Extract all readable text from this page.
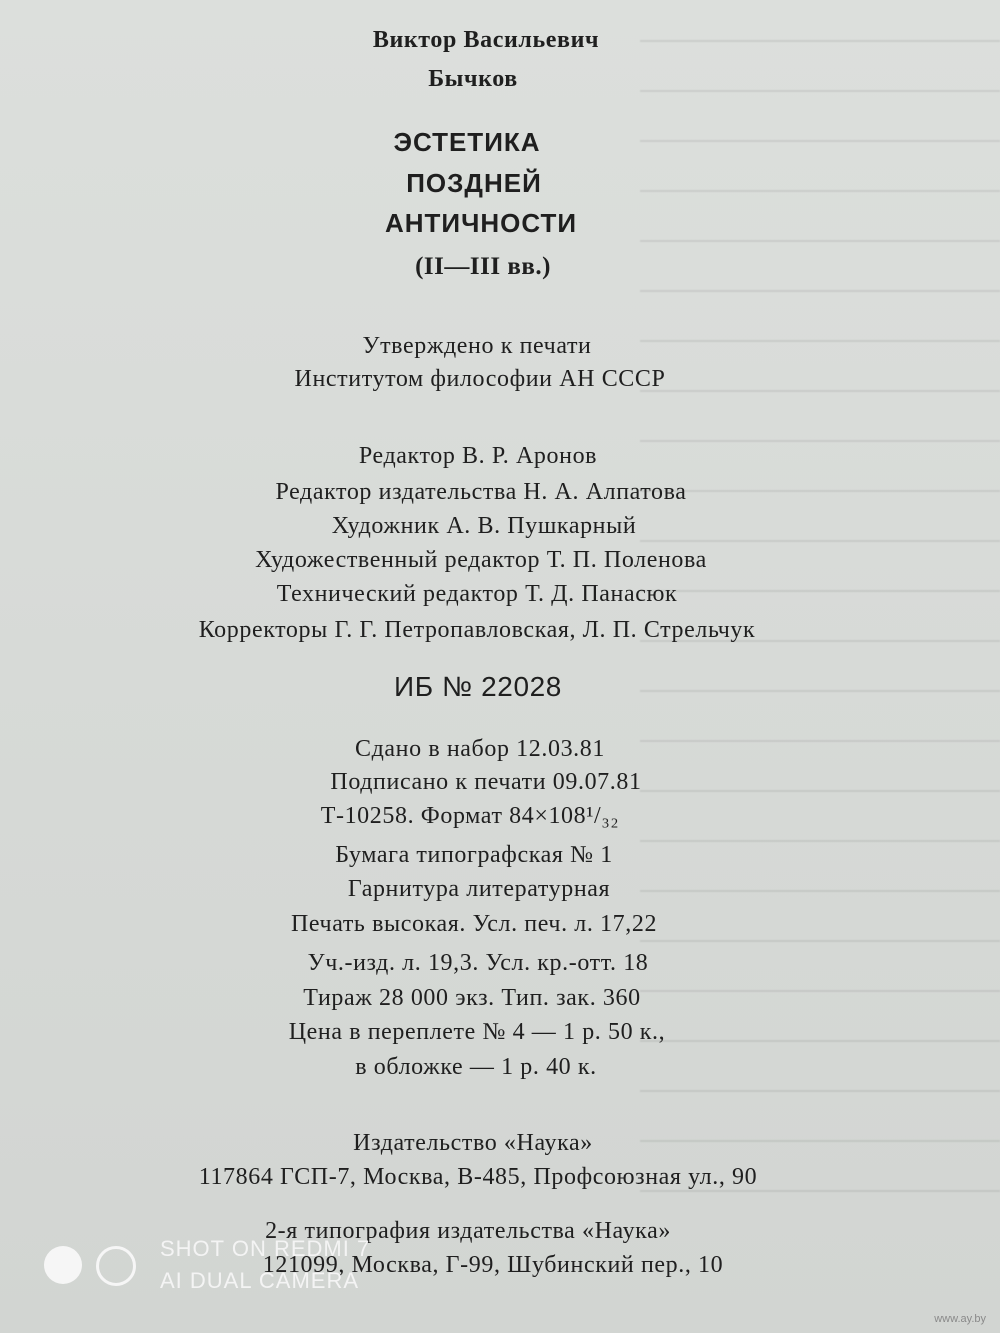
Виктор Васильевич
Бычков
ЭСТЕТИКА
ПОЗДНЕЙ
АНТИЧНОСТИ
(II—III вв.)
Утверждено к печати
Институтом философии АН СССР
Редактор В. Р. Аронов
Редактор издательства Н. А. Алпатова
Художник А. В. Пушкарный
Художественный редактор Т. П. Поленова
Технический редактор Т. Д. Панасюк
Корректоры Г. Г. Петропавловская, Л. П. Стрельчук
ИБ № 22028
Сдано в набор 12.03.81
Подписано к печати 09.07.81
Т-10258. Формат 84×108¹/₃₂
Бумага типографская № 1
Гарнитура литературная
Печать высокая. Усл. печ. л. 17,22
Уч.-изд. л. 19,3. Усл. кр.-отт. 18
Тираж 28 000 экз. Тип. зак. 360
Цена в переплете № 4 — 1 р. 50 к.,
в обложке — 1 р. 40 к.
Издательство «Наука»
117864 ГСП-7, Москва, В-485, Профсоюзная ул., 90
2-я типография издательства «Наука»
121099, Москва, Г-99, Шубинский пер., 10
SHOT ON REDMI 7
AI DUAL CAMERA
www.ay.by
